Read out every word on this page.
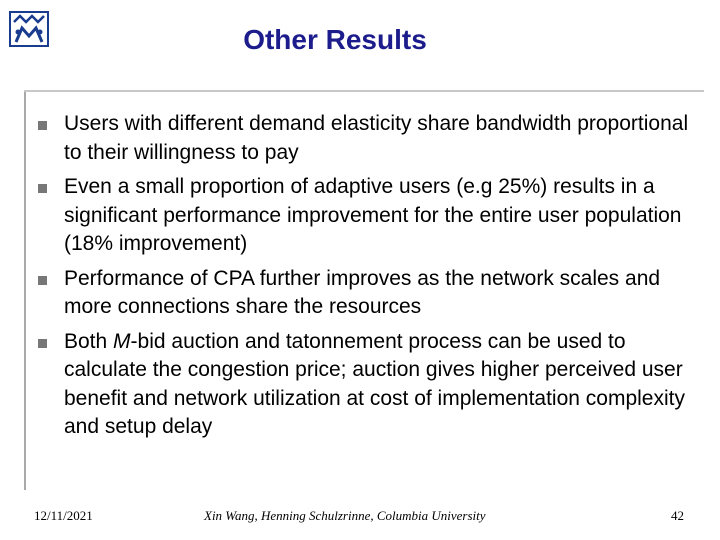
Other Results
Users with different demand elasticity share bandwidth proportional to their willingness to pay
Even a small proportion of adaptive users (e.g 25%) results in a significant performance improvement for the entire user population (18% improvement)
Performance of CPA further improves as the network scales and more connections share the resources
Both M-bid auction and tatonnement process can be used to calculate the congestion price; auction gives higher perceived user benefit and network utilization at cost of implementation complexity and setup delay
12/11/2021	Xin Wang, Henning Schulzrinne, Columbia University	42
